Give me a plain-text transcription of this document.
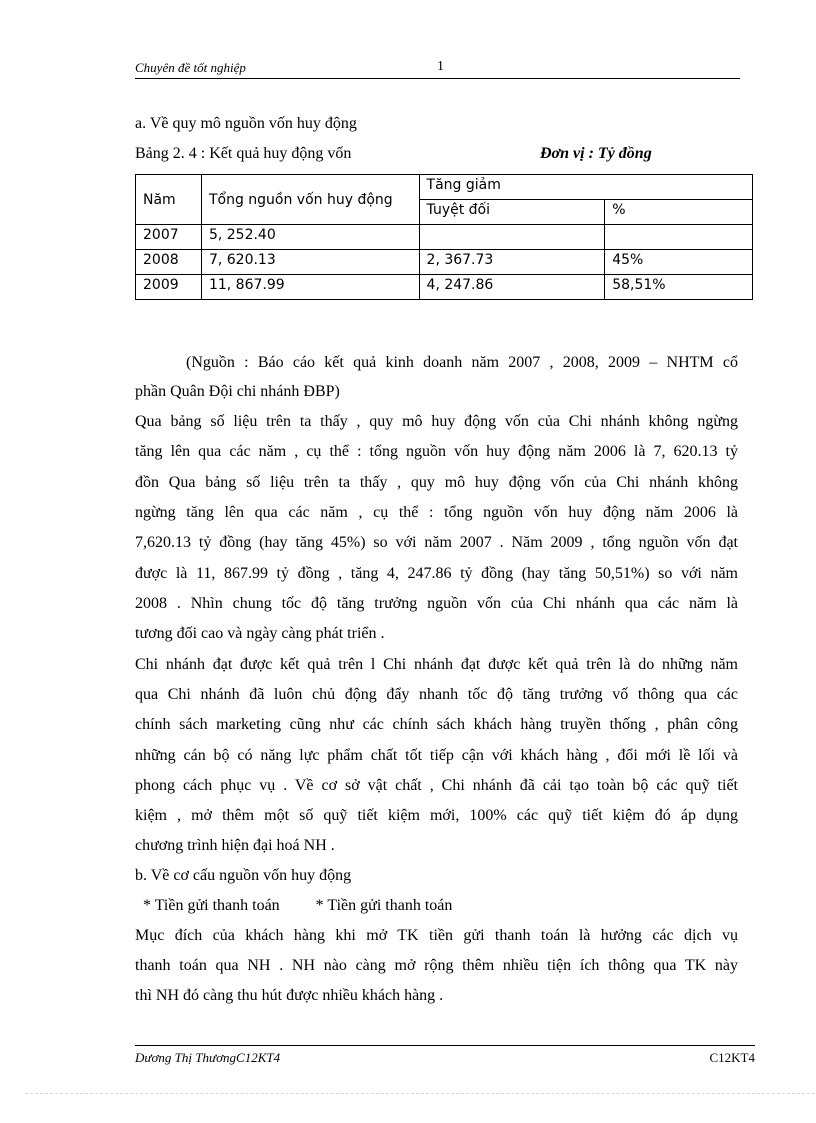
Chuyên đề tốt nghiệp	1
a. Về quy mô nguồn vốn huy động
Bảng 2. 4 : Kết quả huy động vốn	Đơn vị : Tỷ đồng
Năm	Tổng nguồn vốn huy động	Tăng giảm	
		Tuyệt đối	%
2007	5, 252.40		
2008	7, 620.13	2, 367.73	45%
2009	11, 867.99	4, 247.86	58,51%
(Nguồn : Báo cáo kết quả kinh doanh năm 2007 , 2008, 2009 – NHTM cổ
phần Quân Đội chi nhánh ĐBP)
Qua bảng số liệu trên ta thấy , quy mô huy động vốn của Chi nhánh không ngừng
tăng lên qua các năm , cụ thể : tổng nguồn vốn huy động năm 2006 là 7, 620.13 tỷ
đồn Qua bảng số liệu trên ta thấy , quy mô huy động vốn của Chi nhánh không
ngừng tăng lên qua các năm , cụ thể : tổng nguồn vốn huy động năm 2006 là
7,620.13 tỷ đồng (hay tăng 45%) so với năm 2007 . Năm 2009 , tổng nguồn vốn đạt
được là 11, 867.99 tỷ đồng , tăng 4, 247.86 tỷ đồng (hay tăng 50,51%) so với năm
2008 . Nhìn chung tốc độ tăng trưởng nguồn vốn của Chi nhánh qua các năm là
tương đối cao và ngày càng phát triển .
Chi nhánh đạt được kết quả trên l Chi nhánh đạt được kết quả trên là do những năm
qua Chi nhánh đã luôn chủ động đẩy nhanh tốc độ tăng trưởng vố thông qua các
chính sách marketing cũng như các chính sách khách hàng truyền thống , phân công
những cán bộ có năng lực phẩm chất tốt tiếp cận với khách hàng , đổi mới lề lối và
phong cách phục vụ . Về cơ sở vật chất , Chi nhánh đã cải tạo toàn bộ các quỹ tiết
kiệm , mở thêm một số quỹ tiết kiệm mới, 100% các quỹ tiết kiệm đó áp dụng
chương trình hiện đại hoá NH .
b. Về cơ cấu nguồn vốn huy động
* Tiền gửi thanh toán         * Tiền gửi thanh toán
Mục đích của khách hàng khi mở TK tiền gửi thanh toán là hưởng các dịch vụ
thanh toán qua NH . NH nào càng mở rộng thêm nhiều tiện ích thông qua TK này
thì NH đó càng thu hút được nhiều khách hàng .
Dương Thị ThươngC12KT4	C12KT4
